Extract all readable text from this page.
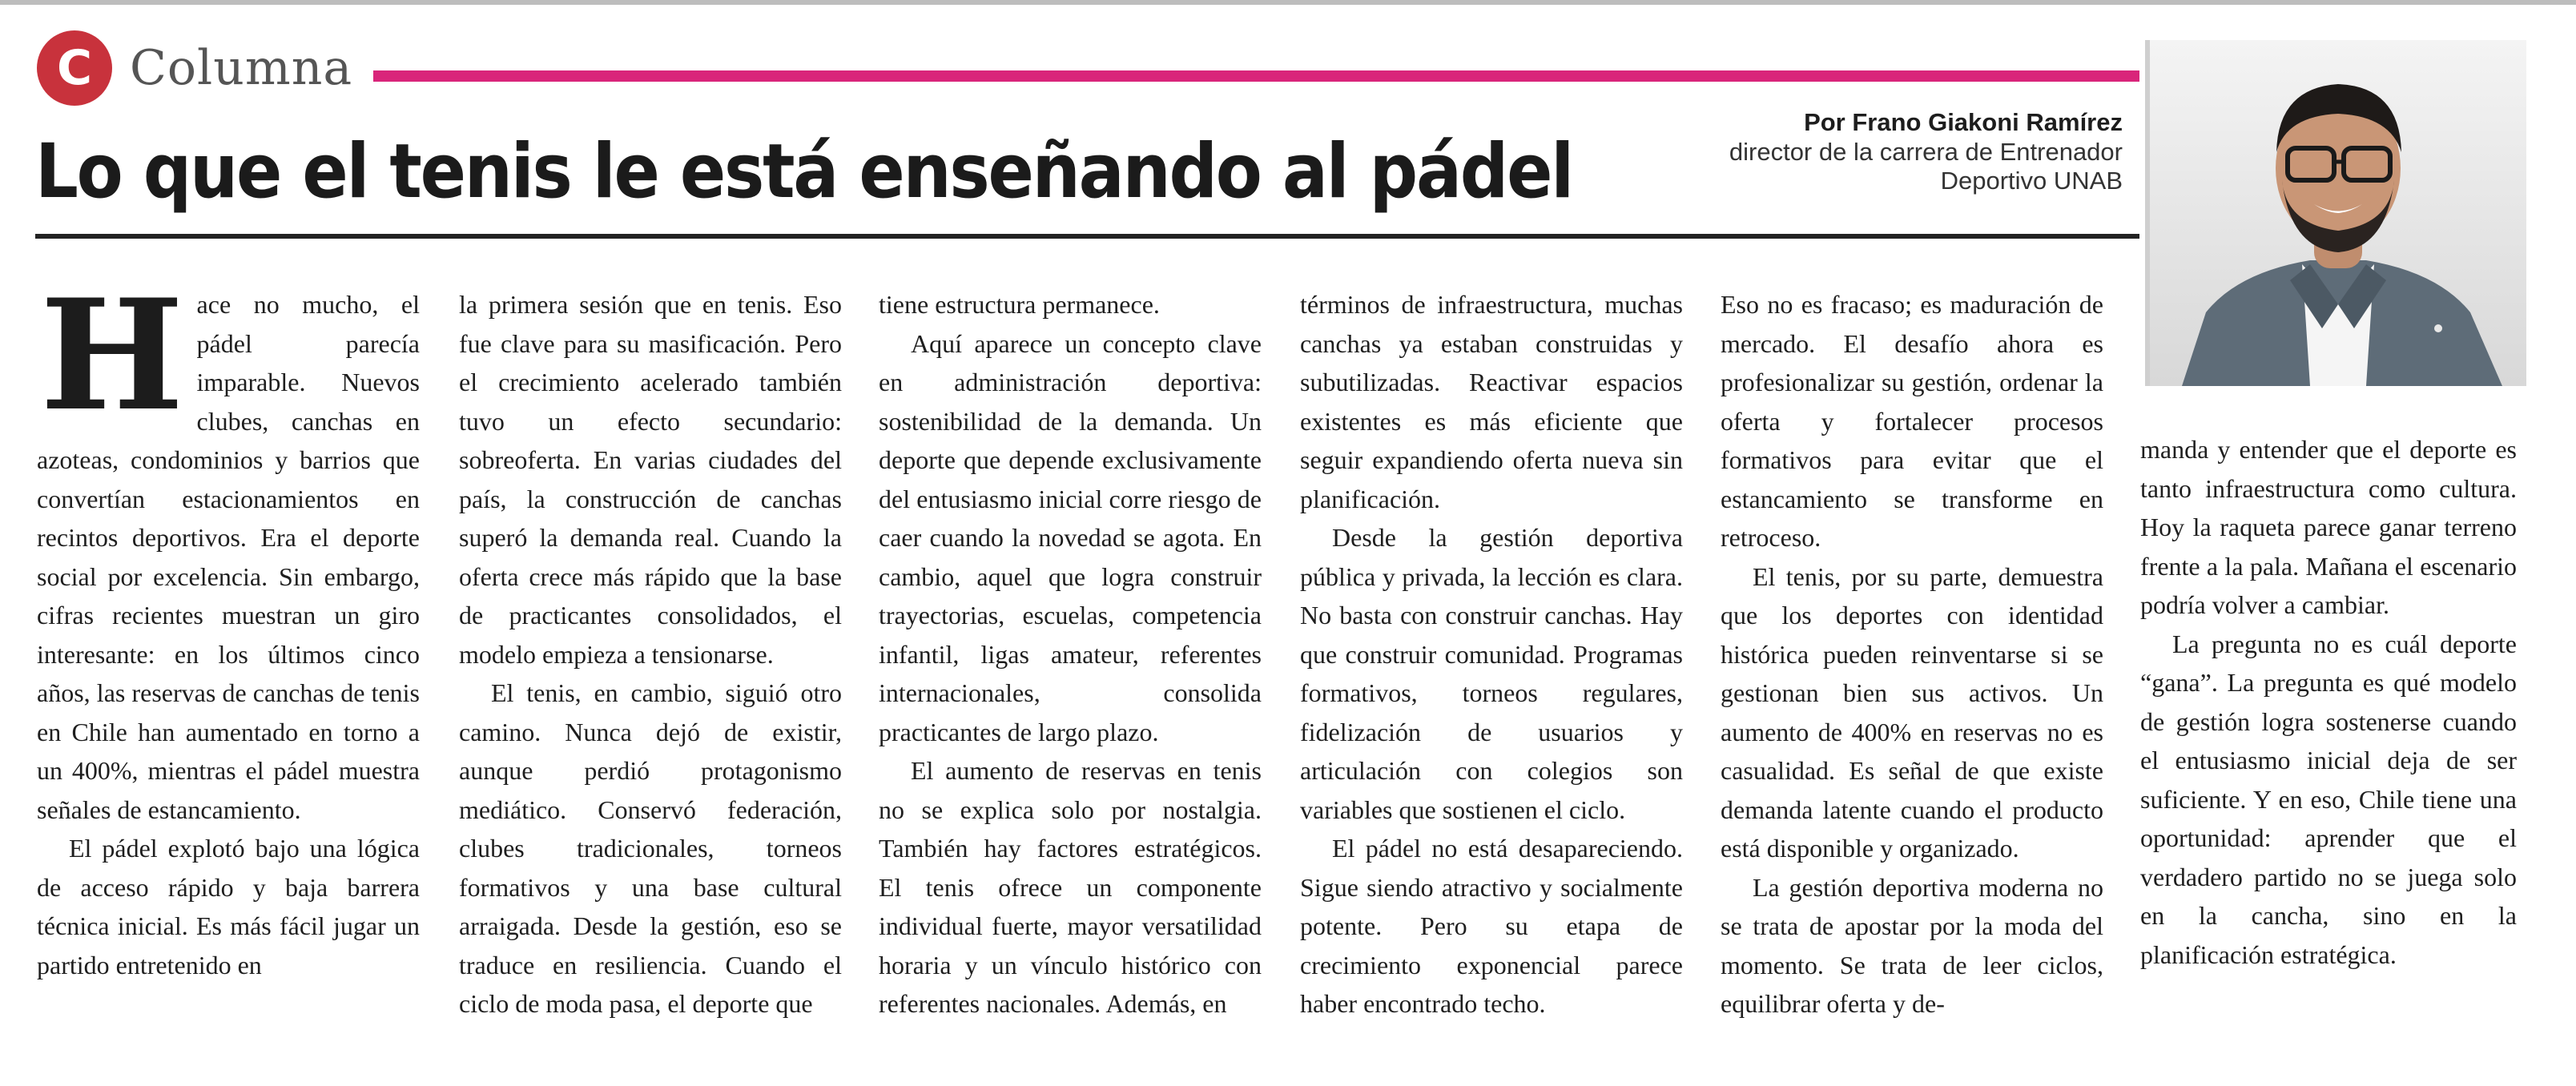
C Columna
Lo que el tenis le está enseñando al pádel
Por Frano Giakoni Ramírez
director de la carrera de Entrenador
Deportivo UNAB

Hace no mucho, el pádel parecía imparable. Nuevos clubes, canchas en azoteas, condominios y barrios que convertían estacionamientos en recintos deportivos. Era el deporte social por excelencia. Sin embargo, cifras recientes muestran un giro interesante: en los últimos cinco años, las reservas de canchas de tenis en Chile han aumentado en torno a un 400%, mientras el pádel muestra señales de estancamiento.

El pádel explotó bajo una lógica de acceso rápido y baja barrera técnica inicial. Es más fácil jugar un partido entretenido en

la primera sesión que en tenis. Eso fue clave para su masificación. Pero el crecimiento acelerado también tuvo un efecto secundario: sobreoferta. En varias ciudades del país, la construcción de canchas superó la demanda real. Cuando la oferta crece más rápido que la base de practicantes consolidados, el modelo empieza a tensionarse.

El tenis, en cambio, siguió otro camino. Nunca dejó de existir, aunque perdió protagonismo mediático. Conservó federación, clubes tradicionales, torneos formativos y una base cultural arraigada. Desde la gestión, eso se traduce en resiliencia. Cuando el ciclo de moda pasa, el deporte que

tiene estructura permanece.

Aquí aparece un concepto clave en administración deportiva: sostenibilidad de la demanda. Un deporte que depende exclusivamente del entusiasmo inicial corre riesgo de caer cuando la novedad se agota. En cambio, aquel que logra construir trayectorias, escuelas, competencia infantil, ligas amateur, referentes internacionales, consolida practicantes de largo plazo.

El aumento de reservas en tenis no se explica solo por nostalgia. También hay factores estratégicos. El tenis ofrece un componente individual fuerte, mayor versatilidad horaria y un vínculo histórico con referentes nacionales. Además, en

términos de infraestructura, muchas canchas ya estaban construidas y subutilizadas. Reactivar espacios existentes es más eficiente que seguir expandiendo oferta nueva sin planificación.

Desde la gestión deportiva pública y privada, la lección es clara. No basta con construir canchas. Hay que construir comunidad. Programas formativos, torneos regulares, fidelización de usuarios y articulación con colegios son variables que sostienen el ciclo.

El pádel no está desapareciendo. Sigue siendo atractivo y socialmente potente. Pero su etapa de crecimiento exponencial parece haber encontrado techo.

Eso no es fracaso; es maduración de mercado. El desafío ahora es profesionalizar su gestión, ordenar la oferta y fortalecer procesos formativos para evitar que el estancamiento se transforme en retroceso.

El tenis, por su parte, demuestra que los deportes con identidad histórica pueden reinventarse si se gestionan bien sus activos. Un aumento de 400% en reservas no es casualidad. Es señal de que existe demanda latente cuando el producto está disponible y organizado.

La gestión deportiva moderna no se trata de apostar por la moda del momento. Se trata de leer ciclos, equilibrar oferta y de-

manda y entender que el deporte es tanto infraestructura como cultura. Hoy la raqueta parece ganar terreno frente a la pala. Mañana el escenario podría volver a cambiar.

La pregunta no es cuál deporte “gana”. La pregunta es qué modelo de gestión logra sostenerse cuando el entusiasmo inicial deja de ser suficiente. Y en eso, Chile tiene una oportunidad: aprender que el verdadero partido no se juega solo en la cancha, sino en la planificación estratégica.
